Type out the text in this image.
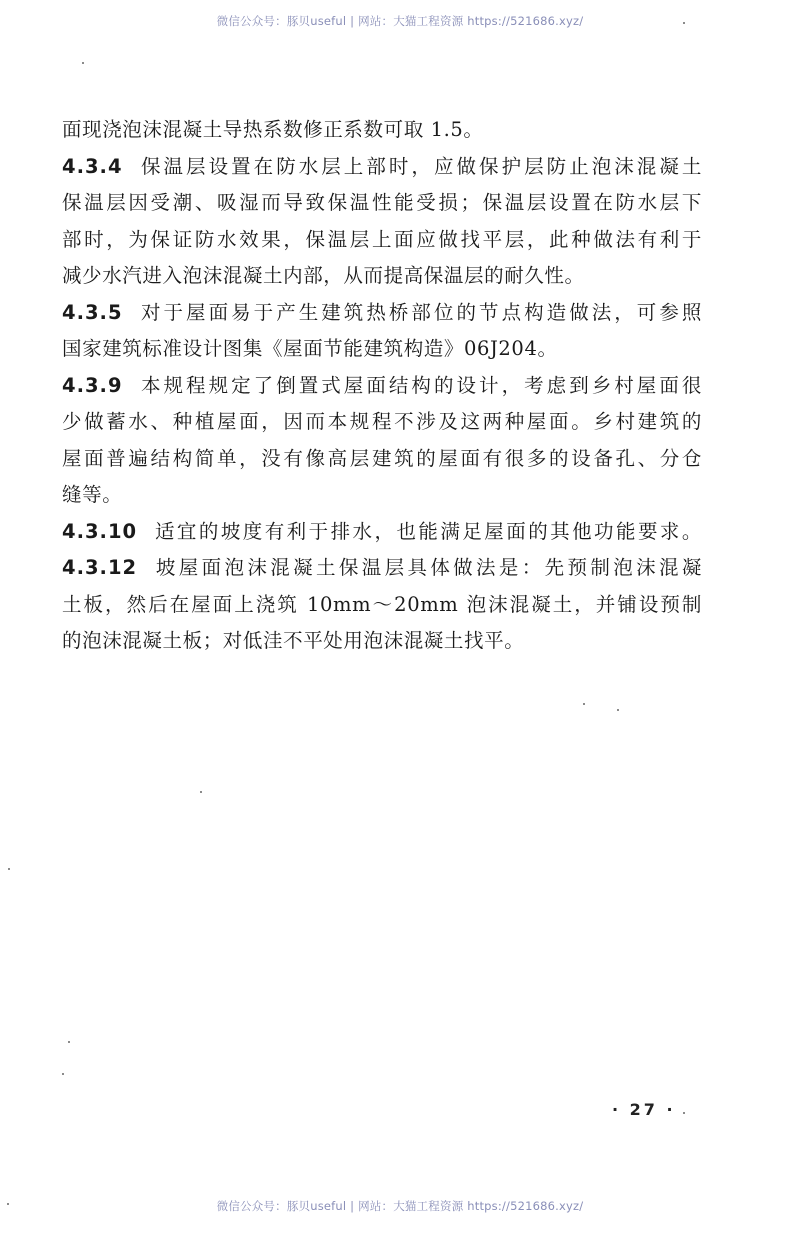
微信公众号：豚贝useful | 网站：大猫工程资源 https://521686.xyz/
面现浇泡沫混凝土导热系数修正系数可取 1.5。
4.3.4 保温层设置在防水层上部时，应做保护层防止泡沫混凝土
保温层因受潮、吸湿而导致保温性能受损；保温层设置在防水层下
部时，为保证防水效果，保温层上面应做找平层，此种做法有利于
减少水汽进入泡沫混凝土内部，从而提高保温层的耐久性。
4.3.5 对于屋面易于产生建筑热桥部位的节点构造做法，可参照
国家建筑标准设计图集《屋面节能建筑构造》06J204。
4.3.9 本规程规定了倒置式屋面结构的设计，考虑到乡村屋面很
少做蓄水、种植屋面，因而本规程不涉及这两种屋面。乡村建筑的
屋面普遍结构简单，没有像高层建筑的屋面有很多的设备孔、分仓
缝等。
4.3.10 适宜的坡度有利于排水，也能满足屋面的其他功能要求。
4.3.12 坡屋面泡沫混凝土保温层具体做法是：先预制泡沫混凝
土板，然后在屋面上浇筑 10mm～20mm 泡沫混凝土，并铺设预制
的泡沫混凝土板；对低洼不平处用泡沫混凝土找平。
· 27 ·
微信公众号：豚贝useful | 网站：大猫工程资源 https://521686.xyz/
